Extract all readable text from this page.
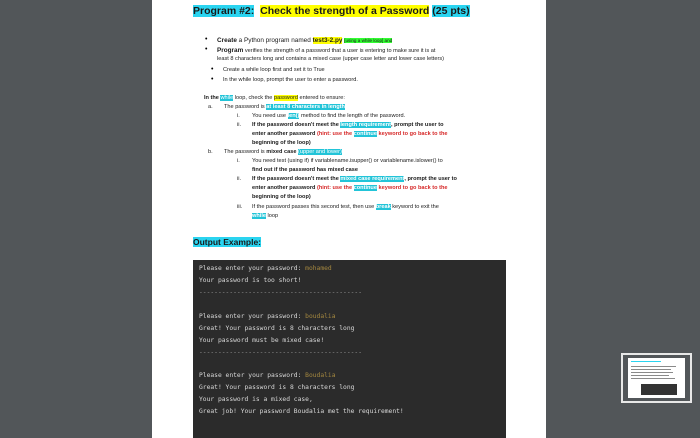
Program #2: Check the strength of a Password (25 pts)
• Create a Python program named test3-2.py [using a while loop] and
• Program verifies the strength of a password that a user is entering to make sure it is at
least 8 characters long and contains a mixed case (upper case letter and lower case letters)
• Create a while loop first and set it to True
• In the while loop, prompt the user to enter a password.
In the while loop, check the password entered to ensure:
a. The password is at least 8 characters in length
i. You need use len() method to find the length of the password.
ii. If the password doesn't meet the length requirement, prompt the user to
enter another password (hint: use the continue keyword to go back to the
beginning of the loop)
b. The password is mixed case (upper and lower)
i. You need test (using if) if variablename.isupper() or variablename.islower() to
find out if the password has mixed case
ii. If the password doesn't meet the mixed case requirement, prompt the user to
enter another password (hint: use the continue keyword to go back to the
beginning of the loop)
iii. If the password passes this second test, then use break keyword to exit the
while loop
Output Example:
Please enter your password: mohamed
Your password is too short!
-------------------------------------------
Please enter your password: boudalia
Great! Your password is 8 characters long
Your password must be mixed case!
-------------------------------------------
Please enter your password: Boudalia
Great! Your password is 8 characters long
Your password is a mixed case,
Great job! Your password Boudalia met the requirement!
